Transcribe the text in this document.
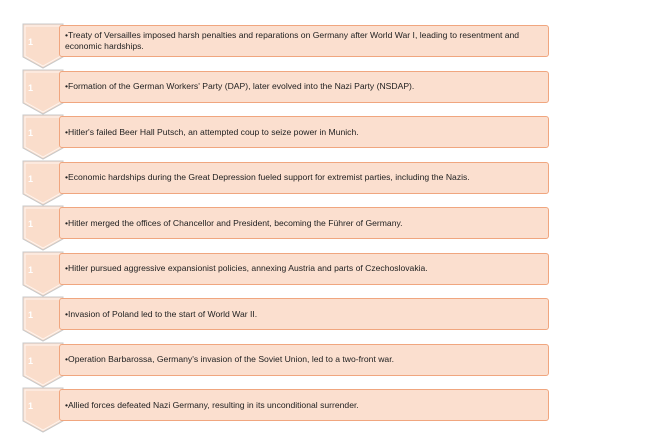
1
•Treaty of Versailles imposed harsh penalties and reparations on Germany after World War I, leading to resentment and economic hardships.
1	•Formation of the German Workers' Party (DAP), later evolved into the Nazi Party (NSDAP).
1	•Hitler's failed Beer Hall Putsch, an attempted coup to seize power in Munich.
1	•Economic hardships during the Great Depression fueled support for extremist parties, including the Nazis.
1	•Hitler merged the offices of Chancellor and President, becoming the Führer of Germany.
1	•Hitler pursued aggressive expansionist policies, annexing Austria and parts of Czechoslovakia.
1	•Invasion of Poland led to the start of World War II.
1	•Operation Barbarossa, Germany's invasion of the Soviet Union, led to a two-front war.
1	•Allied forces defeated Nazi Germany, resulting in its unconditional surrender.
